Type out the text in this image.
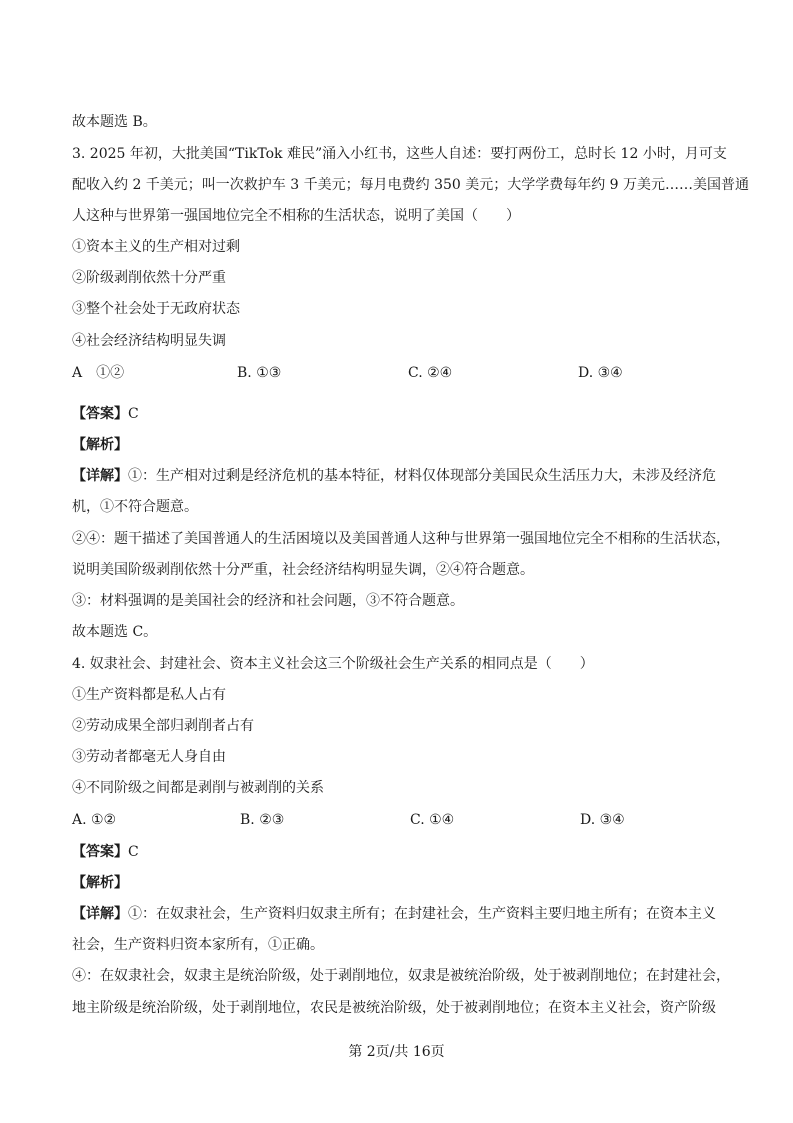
故本题选 B。
3. 2025 年初，大批美国“TikTok 难民”涌入小红书，这些人自述：要打两份工，总时长 12 小时，月可支
配收入约 2 千美元；叫一次救护车 3 千美元；每月电费约 350 美元；大学学费每年约 9 万美元……美国普通
人这种与世界第一强国地位完全不相称的生活状态，说明了美国（　　）
①资本主义的生产相对过剩
②阶级剥削依然十分严重
③整个社会处于无政府状态
④社会经济结构明显失调
A　①②	B. ①③	C. ②④	D. ③④
【答案】C
【解析】
【详解】①：生产相对过剩是经济危机的基本特征，材料仅体现部分美国民众生活压力大，未涉及经济危
机，①不符合题意。
②④：题干描述了美国普通人的生活困境以及美国普通人这种与世界第一强国地位完全不相称的生活状态，
说明美国阶级剥削依然十分严重，社会经济结构明显失调，②④符合题意。
③：材料强调的是美国社会的经济和社会问题，③不符合题意。
故本题选 C。
4. 奴隶社会、封建社会、资本主义社会这三个阶级社会生产关系的相同点是（　　）
①生产资料都是私人占有
②劳动成果全部归剥削者占有
③劳动者都毫无人身自由
④不同阶级之间都是剥削与被剥削的关系
A. ①②	B. ②③	C. ①④	D. ③④
【答案】C
【解析】
【详解】①：在奴隶社会，生产资料归奴隶主所有；在封建社会，生产资料主要归地主所有；在资本主义
社会，生产资料归资本家所有，①正确。
④：在奴隶社会，奴隶主是统治阶级，处于剥削地位，奴隶是被统治阶级，处于被剥削地位；在封建社会，
地主阶级是统治阶级，处于剥削地位，农民是被统治阶级，处于被剥削地位；在资本主义社会，资产阶级
第 2页/共 16页
